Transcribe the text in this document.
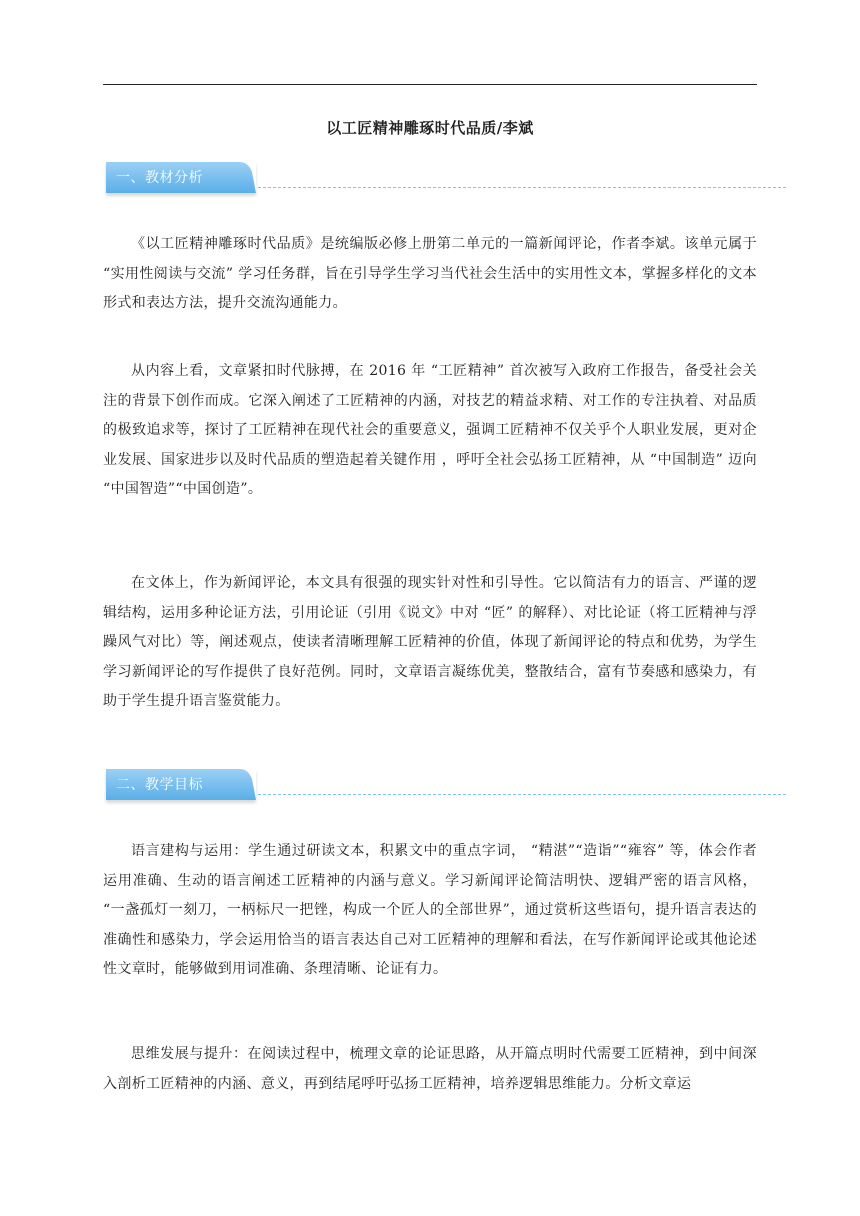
以工匠精神雕琢时代品质/李斌
一、教材分析

《以工匠精神雕琢时代品质》是统编版必修上册第二单元的一篇新闻评论，作者李斌。该单元属于 “实用性阅读与交流” 学习任务群，旨在引导学生学习当代社会生活中的实用性文本，掌握多样化的文本形式和表达方法，提升交流沟通能力。

从内容上看，文章紧扣时代脉搏，在 2016 年 “工匠精神” 首次被写入政府工作报告，备受社会关注的背景下创作而成。它深入阐述了工匠精神的内涵，对技艺的精益求精、对工作的专注执着、对品质的极致追求等，探讨了工匠精神在现代社会的重要意义，强调工匠精神不仅关乎个人职业发展，更对企业发展、国家进步以及时代品质的塑造起着关键作用 ，呼吁全社会弘扬工匠精神，从 “中国制造” 迈向 “中国智造”“中国创造”。

在文体上，作为新闻评论，本文具有很强的现实针对性和引导性。它以简洁有力的语言、严谨的逻辑结构，运用多种论证方法，引用论证（引用《说文》中对 “匠” 的解释）、对比论证（将工匠精神与浮躁风气对比）等，阐述观点，使读者清晰理解工匠精神的价值，体现了新闻评论的特点和优势，为学生学习新闻评论的写作提供了良好范例。同时，文章语言凝练优美，整散结合，富有节奏感和感染力，有助于学生提升语言鉴赏能力。

二、教学目标

语言建构与运用：学生通过研读文本，积累文中的重点字词， “精湛”“造诣”“雍容” 等，体会作者运用准确、生动的语言阐述工匠精神的内涵与意义。学习新闻评论简洁明快、逻辑严密的语言风格， “一盏孤灯一刻刀，一柄标尺一把锉，构成一个匠人的全部世界”，通过赏析这些语句，提升语言表达的准确性和感染力，学会运用恰当的语言表达自己对工匠精神的理解和看法，在写作新闻评论或其他论述性文章时，能够做到用词准确、条理清晰、论证有力。

思维发展与提升：在阅读过程中，梳理文章的论证思路，从开篇点明时代需要工匠精神，到中间深入剖析工匠精神的内涵、意义，再到结尾呼吁弘扬工匠精神，培养逻辑思维能力。分析文章运
